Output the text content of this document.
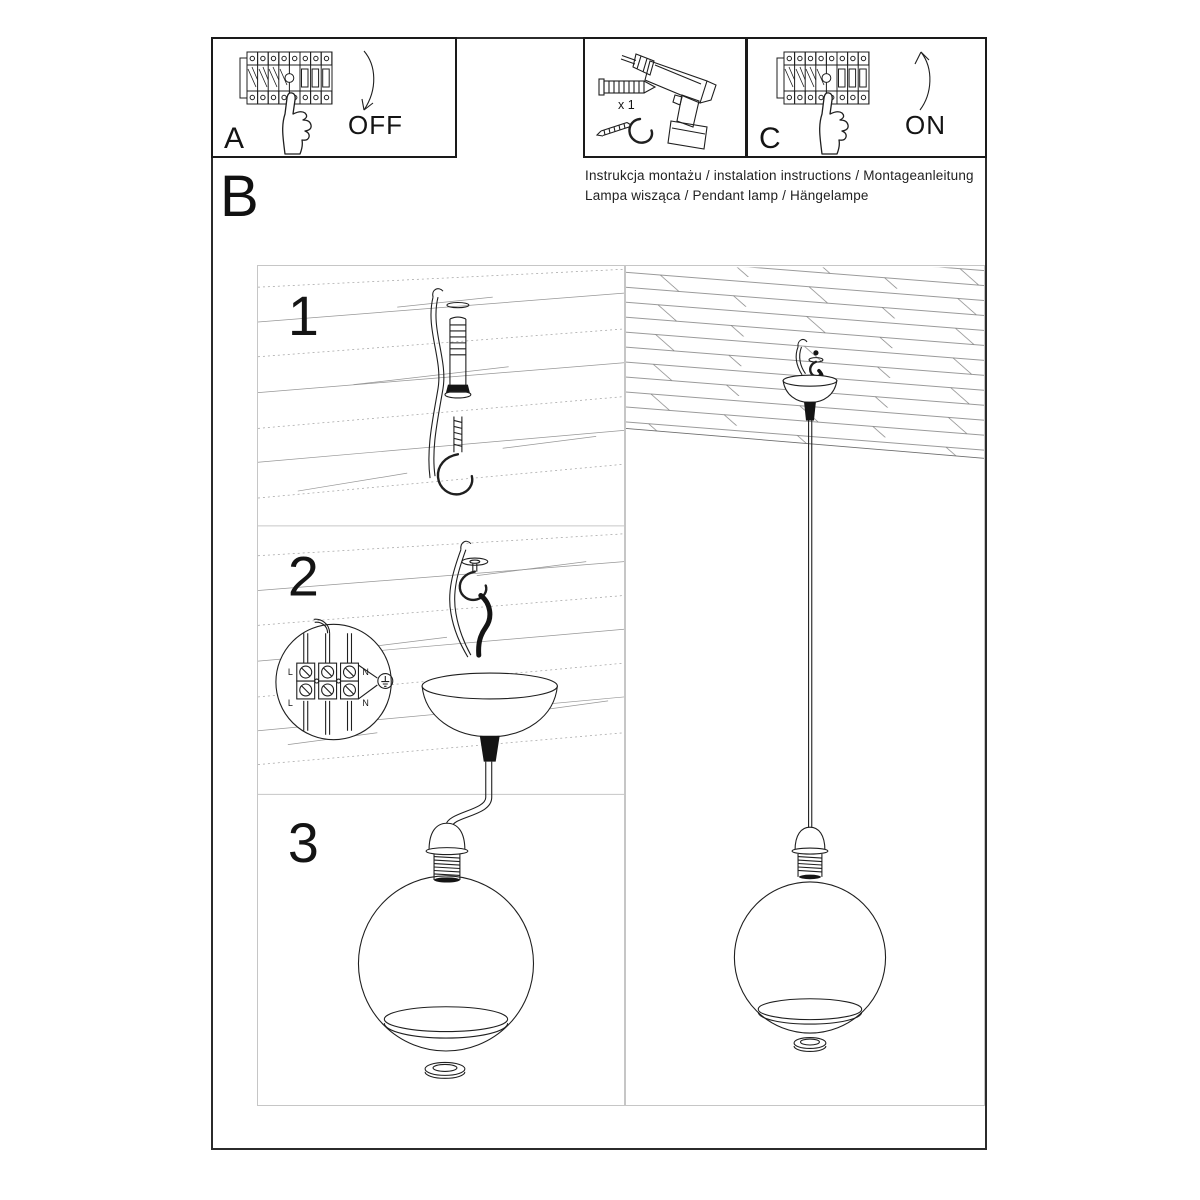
A	OFF
x 1
C	ON
Instrukcja montażu / instalation instructions / Montageanleitung
Lampa wisząca / Pendant lamp / Hängelampe
B
L	N
L	N
1
2
3
